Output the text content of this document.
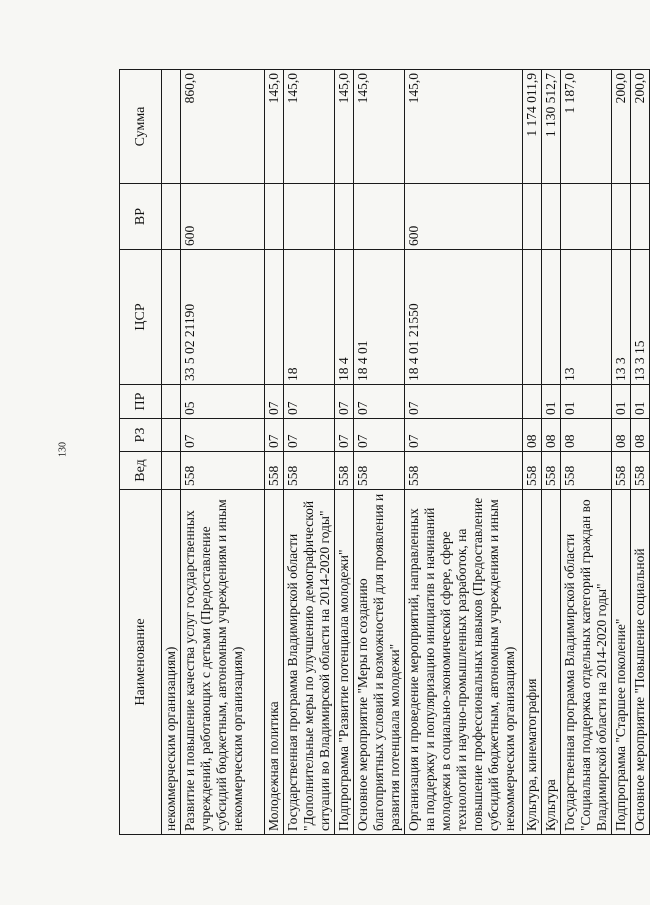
130
Наименование	Вед	РЗ	ПР	ЦСР	ВР	Сумма
некоммерческим организациям)						
Развитие и повышение качества услуг государственных учреждений, работающих с детьми (Предоставление субсидий бюджетным, автономным учреждениям и иным некоммерческим организациям)	558	07	05	33 5 02 21190	600	860,0
Молодежная политика	558	07	07			145,0
Государственная программа Владимирской области "Дополнительные меры по улучшению демографической ситуации во Владимирской области на 2014-2020 годы"	558	07	07	18		145,0
Подпрограмма "Развитие потенциала молодежи"	558	07	07	18 4		145,0
Основное мероприятие "Меры по созданию благоприятных условий и возможностей для проявления и развития потенциала молодежи"	558	07	07	18 4 01		145,0
Организация и проведение мероприятий, направленных на поддержку и популяризацию инициатив и начинаний молодежи в социально-экономической сфере, сфере технологий и научно-промышленных разработок, на повышение профессиональных навыков (Предоставление субсидий бюджетным, автономным учреждениям и иным некоммерческим организациям)	558	07	07	18 4 01 21550	600	145,0
Культура, кинематография	558	08				1 174 011,9
Культура	558	08	01			1 130 512,7
Государственная программа Владимирской области "Социальная поддержка отдельных категорий граждан во Владимирской области на 2014-2020 годы"	558	08	01	13		1 187,0
Подпрограмма "Старшее поколение"	558	08	01	13 3		200,0
Основное мероприятие "Повышение социальной	558	08	01	13 3 15		200,0
